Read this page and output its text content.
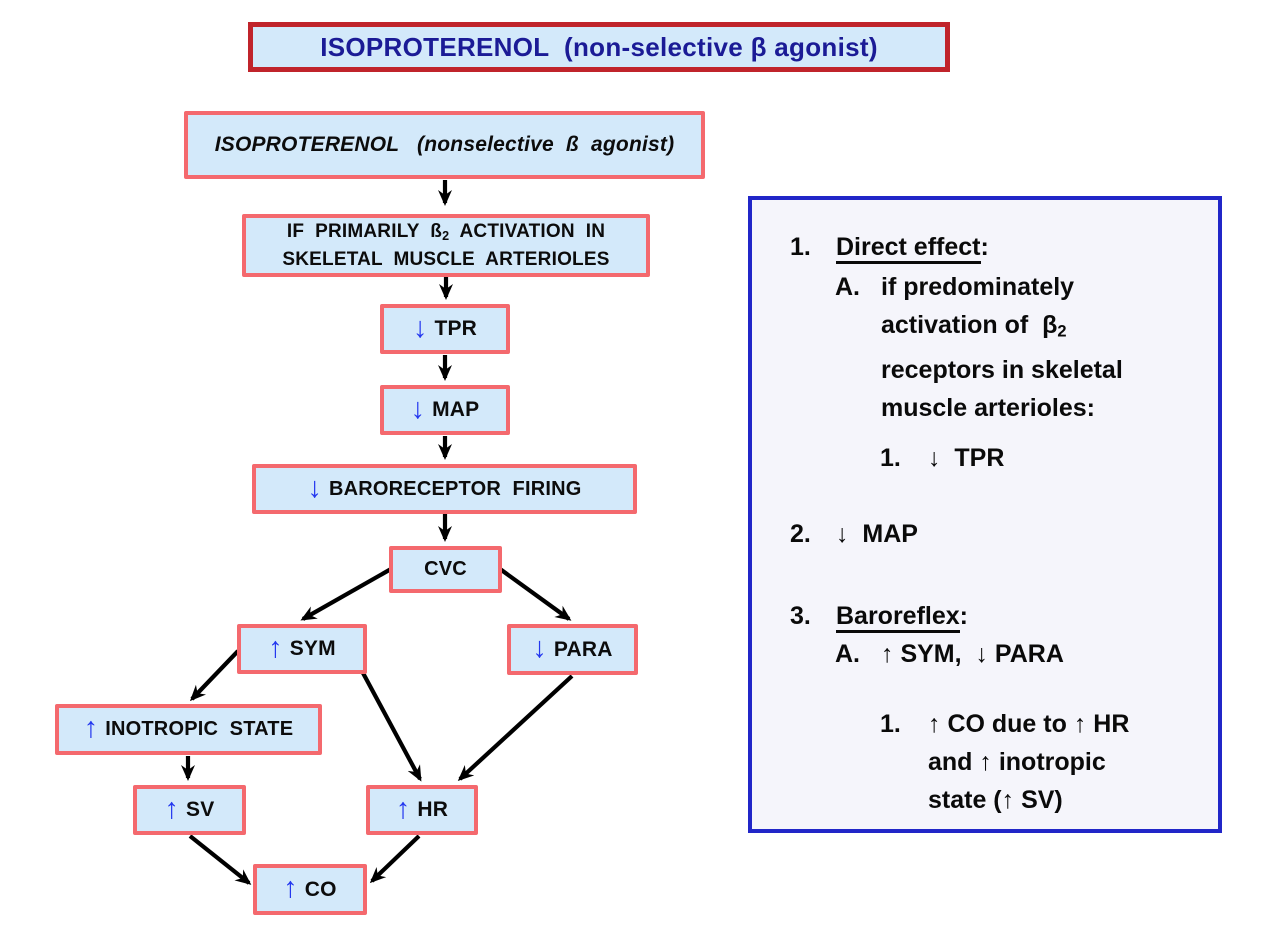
ISOPROTERENOL  (non-selective β agonist)
ISOPROTERENOL   (nonselective  ß  agonist)
IF  PRIMARILY  ß2  ACTIVATION  IN
SKELETAL  MUSCLE  ARTERIOLES
↓ TPR
↓ MAP
↓ BARORECEPTOR  FIRING
CVC
↑ SYM	↓ PARA
↑ INOTROPIC  STATE
↑ SV	↑ HR
↑ CO
1.	Direct effect:
A. if predominately activation of  β2 receptors in skeletal muscle arterioles:
1.	↓  TPR
2.	↓  MAP
3.	Baroreflex:
A. ↑ SYM,  ↓ PARA
1.	↑ CO due to ↑ HR and ↑ inotropic state (↑ SV)
